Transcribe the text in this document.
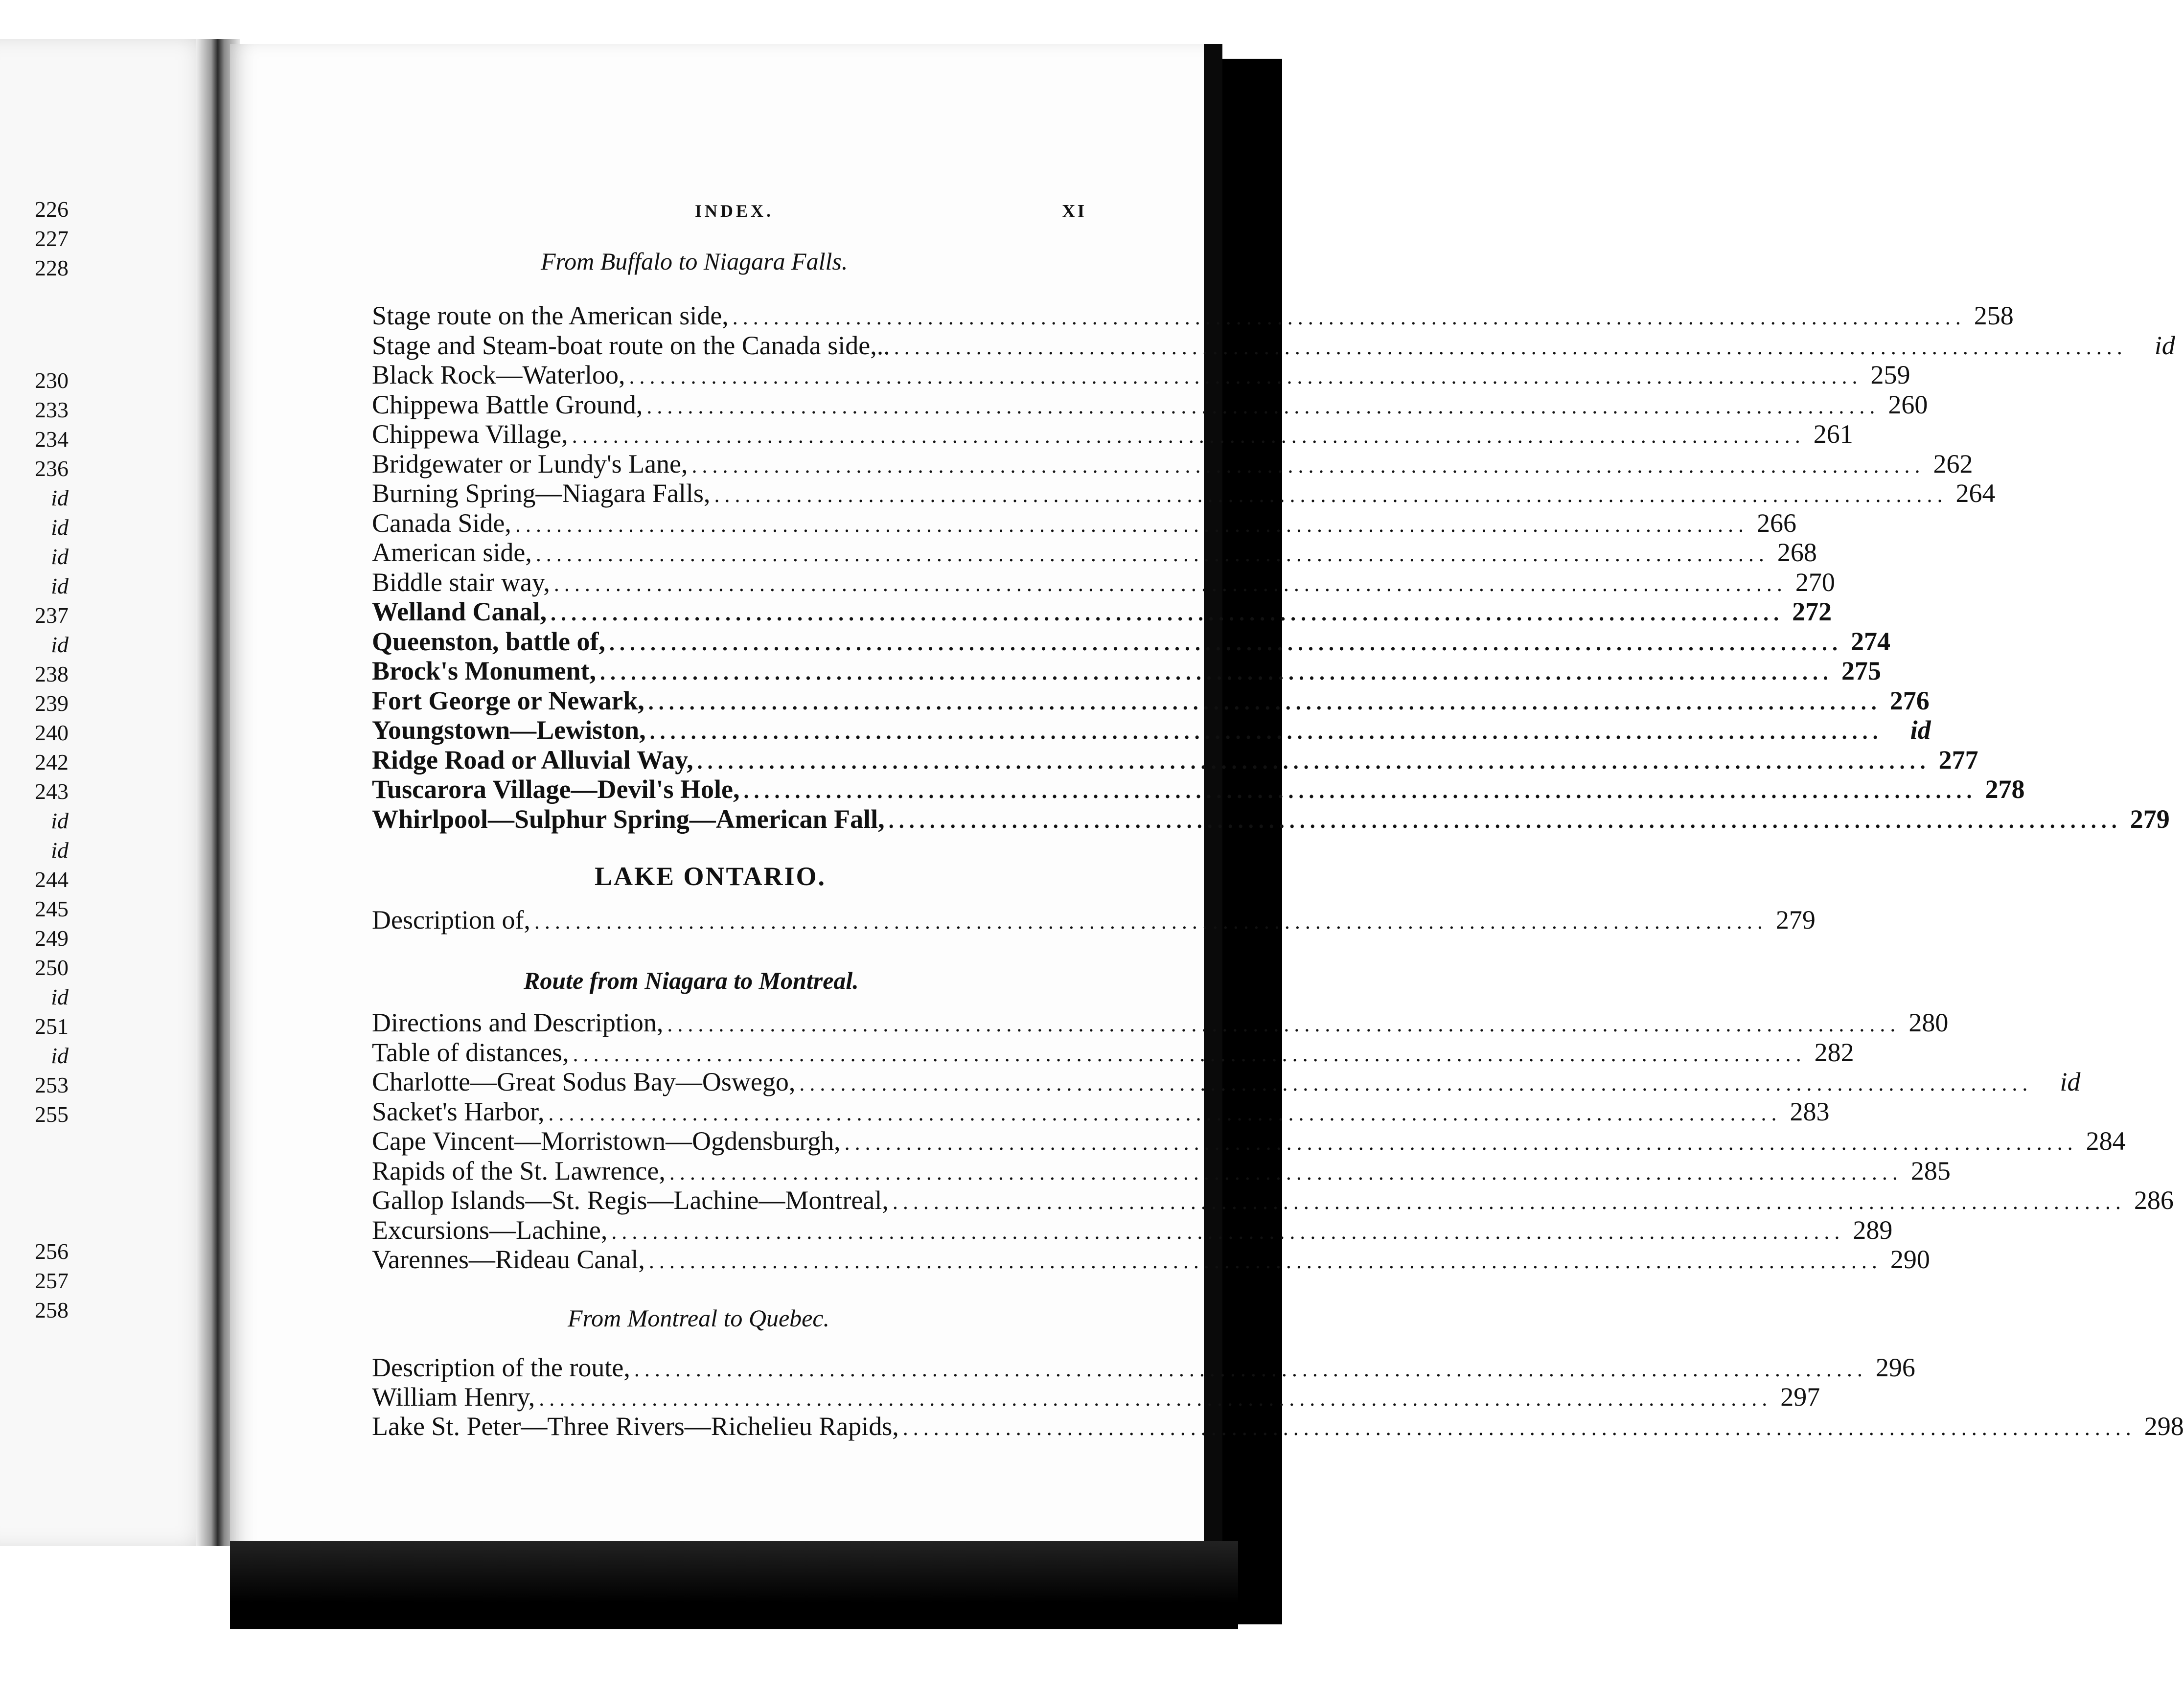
226
227
228
230
233
234
236
id
id
id
id
237
id
238
239
240
242
243
id
id
244
245
249
250
id
251
id
253
255
256
257
258
INDEX.	XI
From Buffalo to Niagara Falls.
Stage route on the American side, ........................................................................................................................ 258
Stage and Steam-boat route on the Canada side,.. ........................................................................................................................	id
Black Rock—Waterloo, ........................................................................................................................ 259
Chippewa Battle Ground, ........................................................................................................................ 260
Chippewa Village, ........................................................................................................................ 261
Bridgewater or Lundy's Lane, ........................................................................................................................ 262
Burning Spring—Niagara Falls, ........................................................................................................................ 264
Canada Side, ........................................................................................................................ 266
American side, ........................................................................................................................ 268
Biddle stair way, ........................................................................................................................ 270
Welland Canal, ........................................................................................................................ 272
Queenston, battle of, ........................................................................................................................ 274
Brock's Monument, ........................................................................................................................ 275
Fort George or Newark, ........................................................................................................................ 276
Youngstown—Lewiston, ........................................................................................................................	id
Ridge Road or Alluvial Way, ........................................................................................................................ 277
Tuscarora Village—Devil's Hole, ........................................................................................................................ 278
Whirlpool—Sulphur Spring—American Fall, ........................................................................................................................ 279
LAKE ONTARIO.
Description of, ........................................................................................................................ 279
Route from Niagara to Montreal.
Directions and Description, ........................................................................................................................ 280
Table of distances, ........................................................................................................................ 282
Charlotte—Great Sodus Bay—Oswego, ........................................................................................................................	id
Sacket's Harbor, ........................................................................................................................ 283
Cape Vincent—Morristown—Ogdensburgh, ........................................................................................................................ 284
Rapids of the St. Lawrence, ........................................................................................................................ 285
Gallop Islands—St. Regis—Lachine—Montreal, ........................................................................................................................ 286
Excursions—Lachine, ........................................................................................................................ 289
Varennes—Rideau Canal, ........................................................................................................................ 290
From Montreal to Quebec.
Description of the route, ........................................................................................................................ 296
William Henry, ........................................................................................................................ 297
Lake St. Peter—Three Rivers—Richelieu Rapids, ........................................................................................................................ 298
